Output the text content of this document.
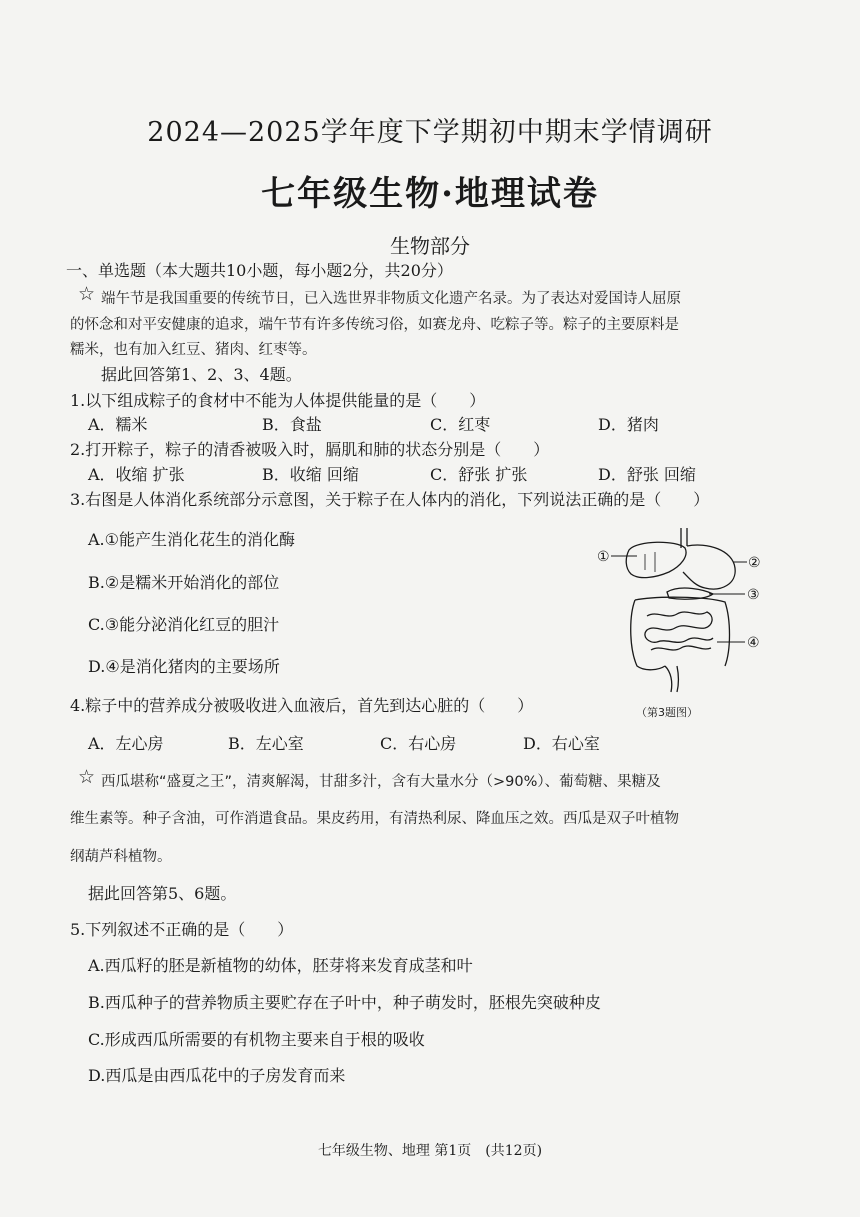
2024—2025学年度下学期初中期末学情调研
七年级生物·地理试卷
生物部分
一、单选题（本大题共10小题，每小题2分，共20分）
☆ 端午节是我国重要的传统节日，已入选世界非物质文化遗产名录。为了表达对爱国诗人屈原
的怀念和对平安健康的追求，端午节有许多传统习俗，如赛龙舟、吃粽子等。粽子的主要原料是
糯米，也有加入红豆、猪肉、红枣等。
据此回答第1、2、3、4题。
1.以下组成粽子的食材中不能为人体提供能量的是（　　）
A．糯米	B．食盐	C．红枣	D．猪肉
2.打开粽子，粽子的清香被吸入时，膈肌和肺的状态分别是（　　）
A．收缩 扩张	B．收缩 回缩	C．舒张 扩张	D．舒张 回缩
3.右图是人体消化系统部分示意图，关于粽子在人体内的消化，下列说法正确的是（　　）
A.①能产生消化花生的消化酶
B.②是糯米开始消化的部位
C.③能分泌消化红豆的胆汁
D.④是消化猪肉的主要场所
①	②
③
④
（第3题图）
4.粽子中的营养成分被吸收进入血液后，首先到达心脏的（　　）
A．左心房	B．左心室	C．右心房	D．右心室
☆ 西瓜堪称“盛夏之王”，清爽解渴，甘甜多汁，含有大量水分（>90%）、葡萄糖、果糖及
维生素等。种子含油，可作消遣食品。果皮药用，有清热利尿、降血压之效。西瓜是双子叶植物
纲葫芦科植物。
据此回答第5、6题。
5.下列叙述不正确的是（　　）
A.西瓜籽的胚是新植物的幼体，胚芽将来发育成茎和叶
B.西瓜种子的营养物质主要贮存在子叶中，种子萌发时，胚根先突破种皮
C.形成西瓜所需要的有机物主要来自于根的吸收
D.西瓜是由西瓜花中的子房发育而来
七年级生物、地理 第1页　(共12页)
